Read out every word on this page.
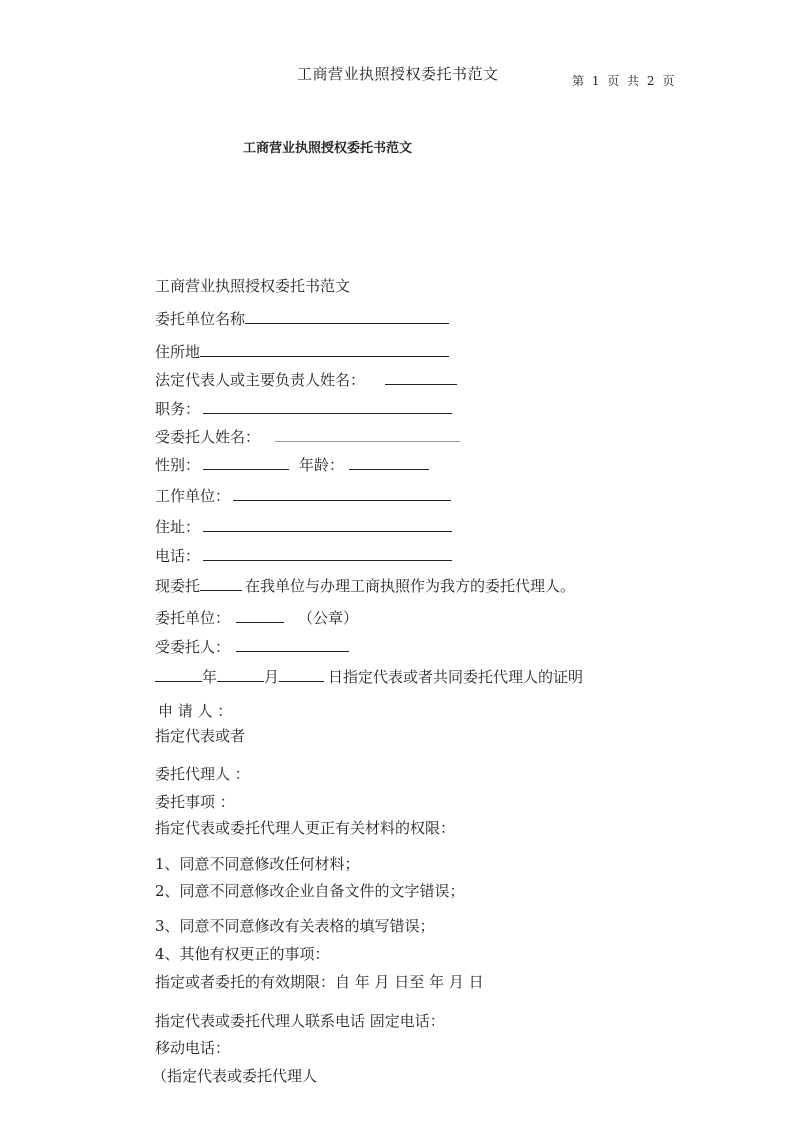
工商营业执照授权委托书范文	第 1 页 共 2 页
工商营业执照授权委托书范文
工商营业执照授权委托书范文
委托单位名称
住所地
法定代表人或主要负责人姓名：
职务：
受委托人姓名：
性别：	年龄：
工作单位：
住址：
电话：
现委托	在我单位与办理工商执照作为我方的委托代理人。
委托单位：	（公章）
受委托人：
年	月	日指定代表或者共同委托代理人的证明
申 请 人 ：
指定代表或者
委托代理人 ：
委托事项 ：
指定代表或委托代理人更正有关材料的权限：
1、同意不同意修改任何材料；
2、同意不同意修改企业自备文件的文字错误；
3、同意不同意修改有关表格的填写错误；
4、其他有权更正的事项：
指定或者委托的有效期限：自 年 月 日至 年 月 日
指定代表或委托代理人联系电话 固定电话：
移动电话：
（指定代表或委托代理人
